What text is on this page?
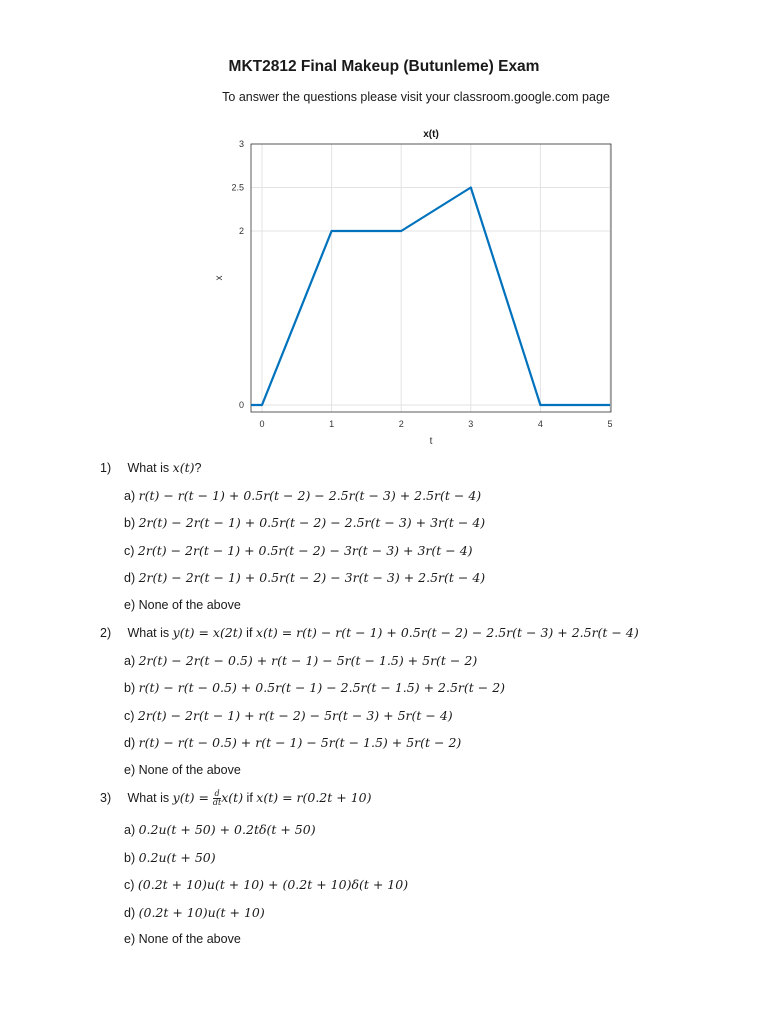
MKT2812 Final Makeup (Butunleme) Exam
To answer the questions please visit your classroom.google.com page
0	1	2	3	4	5
0
2
2.5
3
x(t)
t
x
1) What is x(t)?
a) r(t) − r(t − 1) + 0.5r(t − 2) − 2.5r(t − 3) + 2.5r(t − 4)
b) 2r(t) − 2r(t − 1) + 0.5r(t − 2) − 2.5r(t − 3) + 3r(t − 4)
c) 2r(t) − 2r(t − 1) + 0.5r(t − 2) − 3r(t − 3) + 3r(t − 4)
d) 2r(t) − 2r(t − 1) + 0.5r(t − 2) − 3r(t − 3) + 2.5r(t − 4)
e) None of the above
2) What is y(t) = x(2t) if x(t) = r(t) − r(t − 1) + 0.5r(t − 2) − 2.5r(t − 3) + 2.5r(t − 4)
a) 2r(t) − 2r(t − 0.5) + r(t − 1) − 5r(t − 1.5) + 5r(t − 2)
b) r(t) − r(t − 0.5) + 0.5r(t − 1) − 2.5r(t − 1.5) + 2.5r(t − 2)
c) 2r(t) − 2r(t − 1) + r(t − 2) − 5r(t − 3) + 5r(t − 4)
d) r(t) − r(t − 0.5) + r(t − 1) − 5r(t − 1.5) + 5r(t − 2)
e) None of the above
3) What is $y(t) = \frac{d}{dt} x(t)$ if x(t) = r(0.2t + 10)
a) 0.2u(t + 50) + 0.2tδ(t + 50)
b) 0.2u(t + 50)
c) (0.2t + 10)u(t + 10) + (0.2t + 10)δ(t + 10)
d) (0.2t + 10)u(t + 10)
e) None of the above
